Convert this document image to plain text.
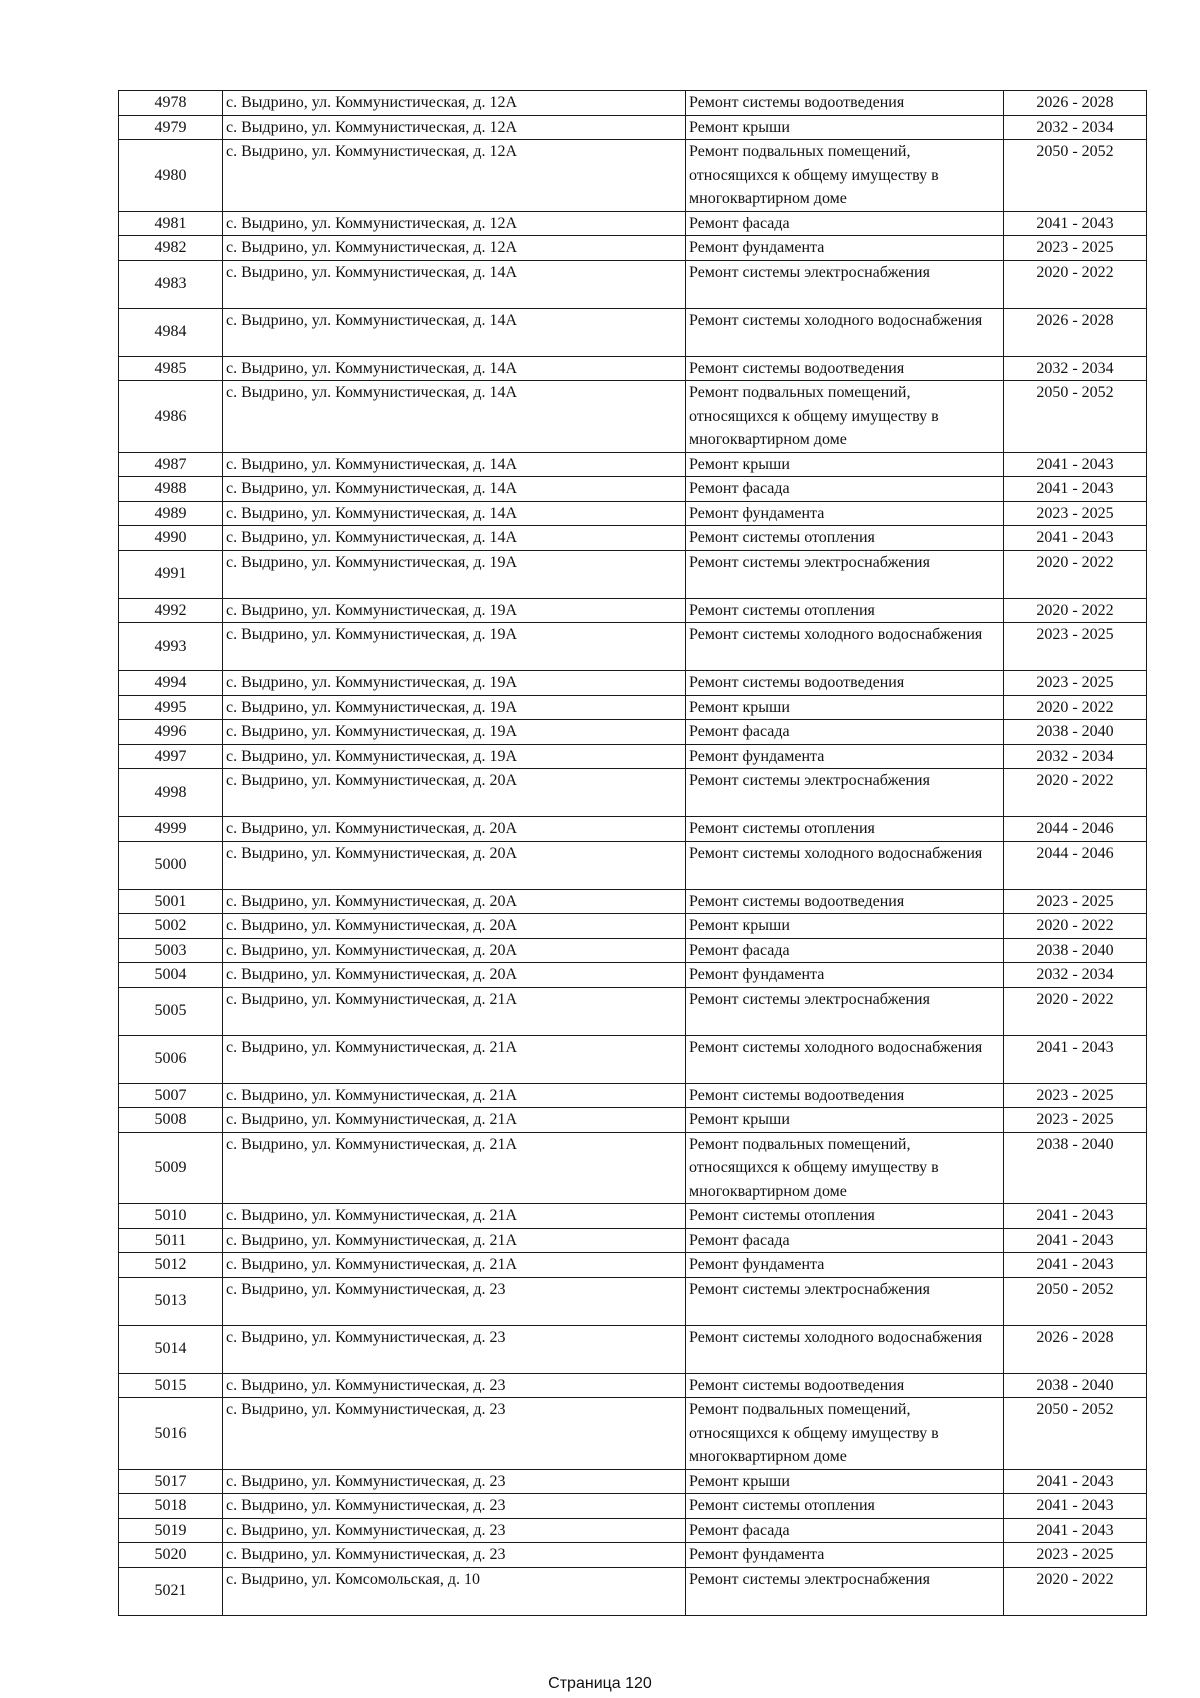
4978	с. Выдрино, ул. Коммунистическая, д. 12А	Ремонт системы водоотведения	2026 - 2028
4979	с. Выдрино, ул. Коммунистическая, д. 12А	Ремонт крыши	2032 - 2034
4980	с. Выдрино, ул. Коммунистическая, д. 12А	Ремонт подвальных помещений, относящихся к общему имуществу в многоквартирном доме	2050 - 2052
4981	с. Выдрино, ул. Коммунистическая, д. 12А	Ремонт фасада	2041 - 2043
4982	с. Выдрино, ул. Коммунистическая, д. 12А	Ремонт фундамента	2023 - 2025
4983	с. Выдрино, ул. Коммунистическая, д. 14А	Ремонт системы электроснабжения	2020 - 2022
4984	с. Выдрино, ул. Коммунистическая, д. 14А	Ремонт системы холодного водоснабжения	2026 - 2028
4985	с. Выдрино, ул. Коммунистическая, д. 14А	Ремонт системы водоотведения	2032 - 2034
4986	с. Выдрино, ул. Коммунистическая, д. 14А	Ремонт подвальных помещений, относящихся к общему имуществу в многоквартирном доме	2050 - 2052
4987	с. Выдрино, ул. Коммунистическая, д. 14А	Ремонт крыши	2041 - 2043
4988	с. Выдрино, ул. Коммунистическая, д. 14А	Ремонт фасада	2041 - 2043
4989	с. Выдрино, ул. Коммунистическая, д. 14А	Ремонт фундамента	2023 - 2025
4990	с. Выдрино, ул. Коммунистическая, д. 14А	Ремонт системы отопления	2041 - 2043
4991	с. Выдрино, ул. Коммунистическая, д. 19А	Ремонт системы электроснабжения	2020 - 2022
4992	с. Выдрино, ул. Коммунистическая, д. 19А	Ремонт системы отопления	2020 - 2022
4993	с. Выдрино, ул. Коммунистическая, д. 19А	Ремонт системы холодного водоснабжения	2023 - 2025
4994	с. Выдрино, ул. Коммунистическая, д. 19А	Ремонт системы водоотведения	2023 - 2025
4995	с. Выдрино, ул. Коммунистическая, д. 19А	Ремонт крыши	2020 - 2022
4996	с. Выдрино, ул. Коммунистическая, д. 19А	Ремонт фасада	2038 - 2040
4997	с. Выдрино, ул. Коммунистическая, д. 19А	Ремонт фундамента	2032 - 2034
4998	с. Выдрино, ул. Коммунистическая, д. 20А	Ремонт системы электроснабжения	2020 - 2022
4999	с. Выдрино, ул. Коммунистическая, д. 20А	Ремонт системы отопления	2044 - 2046
5000	с. Выдрино, ул. Коммунистическая, д. 20А	Ремонт системы холодного водоснабжения	2044 - 2046
5001	с. Выдрино, ул. Коммунистическая, д. 20А	Ремонт системы водоотведения	2023 - 2025
5002	с. Выдрино, ул. Коммунистическая, д. 20А	Ремонт крыши	2020 - 2022
5003	с. Выдрино, ул. Коммунистическая, д. 20А	Ремонт фасада	2038 - 2040
5004	с. Выдрино, ул. Коммунистическая, д. 20А	Ремонт фундамента	2032 - 2034
5005	с. Выдрино, ул. Коммунистическая, д. 21А	Ремонт системы электроснабжения	2020 - 2022
5006	с. Выдрино, ул. Коммунистическая, д. 21А	Ремонт системы холодного водоснабжения	2041 - 2043
5007	с. Выдрино, ул. Коммунистическая, д. 21А	Ремонт системы водоотведения	2023 - 2025
5008	с. Выдрино, ул. Коммунистическая, д. 21А	Ремонт крыши	2023 - 2025
5009	с. Выдрино, ул. Коммунистическая, д. 21А	Ремонт подвальных помещений, относящихся к общему имуществу в многоквартирном доме	2038 - 2040
5010	с. Выдрино, ул. Коммунистическая, д. 21А	Ремонт системы отопления	2041 - 2043
5011	с. Выдрино, ул. Коммунистическая, д. 21А	Ремонт фасада	2041 - 2043
5012	с. Выдрино, ул. Коммунистическая, д. 21А	Ремонт фундамента	2041 - 2043
5013	с. Выдрино, ул. Коммунистическая, д. 23	Ремонт системы электроснабжения	2050 - 2052
5014	с. Выдрино, ул. Коммунистическая, д. 23	Ремонт системы холодного водоснабжения	2026 - 2028
5015	с. Выдрино, ул. Коммунистическая, д. 23	Ремонт системы водоотведения	2038 - 2040
5016	с. Выдрино, ул. Коммунистическая, д. 23	Ремонт подвальных помещений, относящихся к общему имуществу в многоквартирном доме	2050 - 2052
5017	с. Выдрино, ул. Коммунистическая, д. 23	Ремонт крыши	2041 - 2043
5018	с. Выдрино, ул. Коммунистическая, д. 23	Ремонт системы отопления	2041 - 2043
5019	с. Выдрино, ул. Коммунистическая, д. 23	Ремонт фасада	2041 - 2043
5020	с. Выдрино, ул. Коммунистическая, д. 23	Ремонт фундамента	2023 - 2025
5021	с. Выдрино, ул. Комсомольская, д. 10	Ремонт системы электроснабжения	2020 - 2022
Страница 120
